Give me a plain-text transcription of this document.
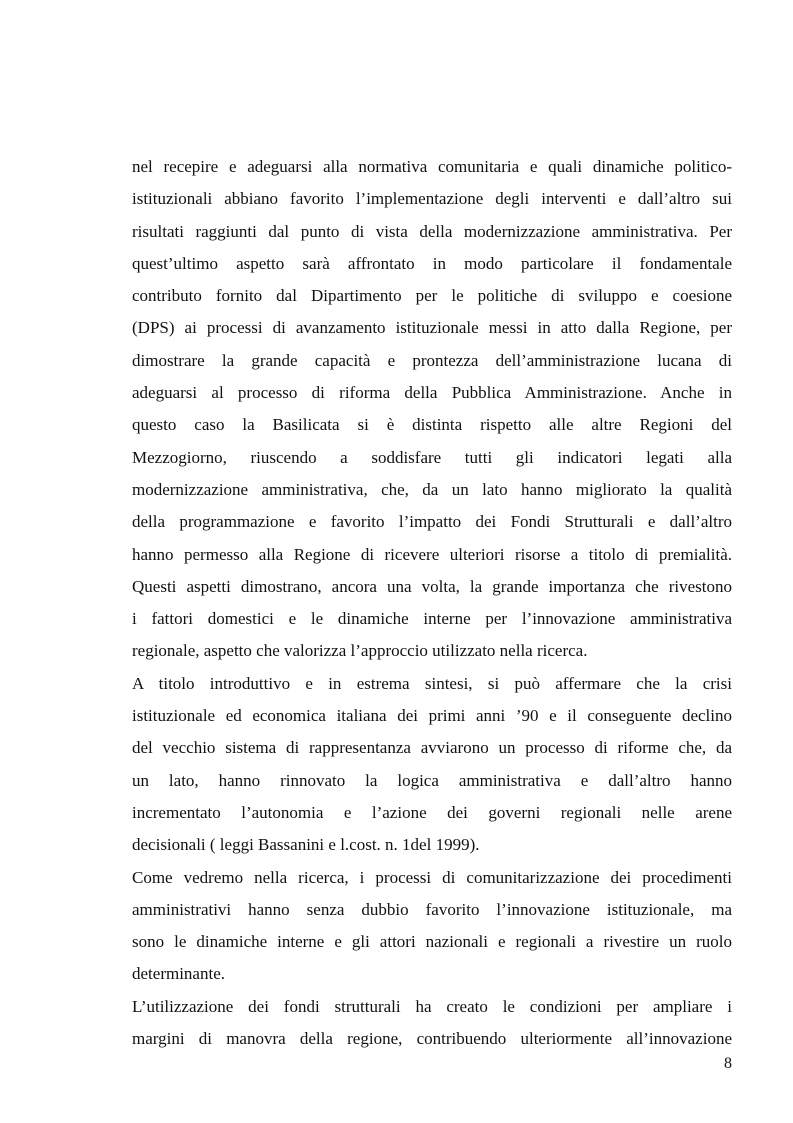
nel recepire e adeguarsi alla normativa comunitaria e quali dinamiche politico-
istituzionali abbiano favorito l’implementazione degli interventi e dall’altro sui
risultati raggiunti dal punto di vista della modernizzazione amministrativa. Per
quest’ultimo aspetto sarà affrontato in modo particolare il fondamentale
contributo fornito dal Dipartimento per le politiche di sviluppo e coesione
(DPS) ai processi di avanzamento istituzionale messi in atto dalla Regione, per
dimostrare la grande capacità e prontezza dell’amministrazione lucana di
adeguarsi al processo di riforma della Pubblica Amministrazione. Anche in
questo caso la Basilicata si è distinta rispetto alle altre Regioni del
Mezzogiorno, riuscendo a soddisfare tutti gli indicatori legati alla
modernizzazione amministrativa, che, da un lato hanno migliorato la qualità
della programmazione e favorito l’impatto dei Fondi Strutturali e dall’altro
hanno permesso alla Regione di ricevere ulteriori risorse a titolo di premialità.
Questi aspetti dimostrano, ancora una volta, la grande importanza che rivestono
i fattori domestici e le dinamiche interne per l’innovazione amministrativa
regionale, aspetto che valorizza l’approccio utilizzato nella ricerca.
A titolo introduttivo e in estrema sintesi, si può affermare che la crisi
istituzionale ed economica italiana dei primi anni ’90 e il conseguente declino
del vecchio sistema di rappresentanza avviarono un processo di riforme che, da
un lato, hanno rinnovato la logica amministrativa e dall’altro hanno
incrementato l’autonomia e l’azione dei governi regionali nelle arene
decisionali ( leggi Bassanini e l.cost. n. 1del 1999).
Come vedremo nella ricerca, i processi di comunitarizzazione dei procedimenti
amministrativi hanno senza dubbio favorito l’innovazione istituzionale, ma
sono le dinamiche interne e gli attori nazionali e regionali a rivestire un ruolo
determinante.
L’utilizzazione dei fondi strutturali ha creato le condizioni per ampliare i
margini di manovra della regione, contribuendo ulteriormente all’innovazione
8
